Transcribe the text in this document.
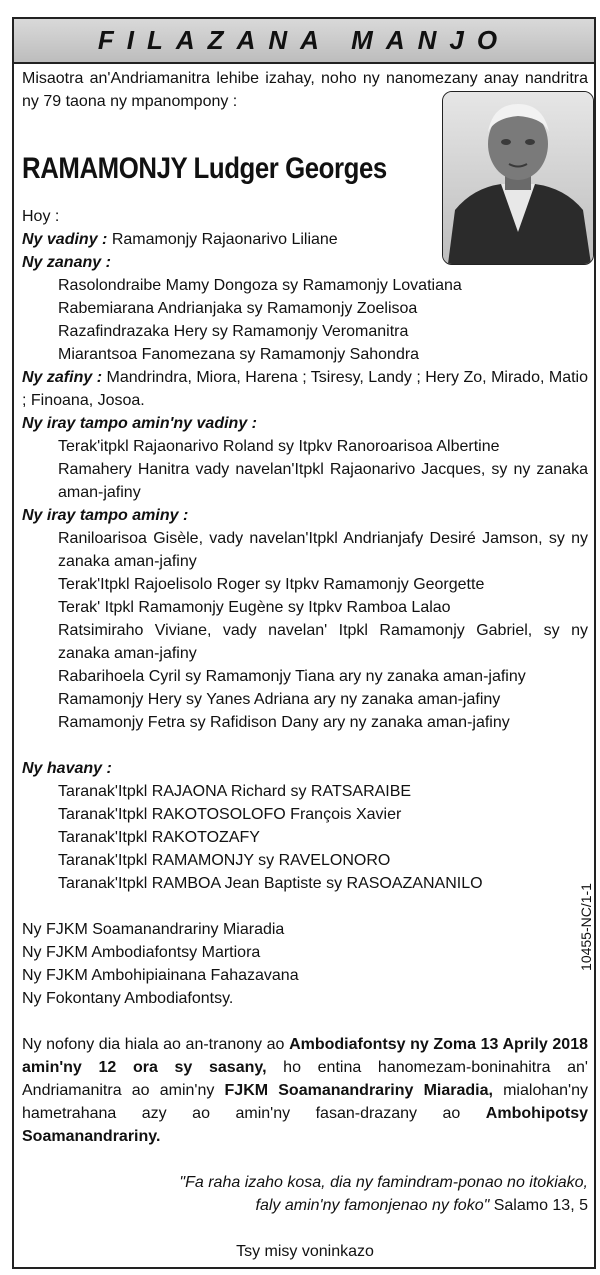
FILAZANA MANJO

Misaotra an'Andriamanitra lehibe izahay, noho ny nanomezany anay nandritra ny 79 taona ny mpanompony :

RAMAMONJY Ludger Georges

Hoy :

Ny vadiny : Ramamonjy Rajaonarivo Liliane

Ny zanany :

Rasolondraibe Mamy Dongoza sy Ramamonjy Lovatiana

Rabemiarana Andrianjaka sy Ramamonjy Zoelisoa

Razafindrazaka Hery sy Ramamonjy Veromanitra

Miarantsoa Fanomezana sy Ramamonjy Sahondra

Ny zafiny : Mandrindra, Miora, Harena ; Tsiresy, Landy ; Hery Zo, Mirado, Matio ; Finoana, Josoa.

Ny iray tampo amin'ny vadiny :

Terak'itpkl Rajaonarivo Roland sy Itpkv Ranoroarisoa Albertine

Ramahery Hanitra vady navelan'Itpkl Rajaonarivo Jacques, sy ny zanaka aman-jafiny

Ny iray tampo aminy :

Raniloarisoa Gisèle, vady navelan'Itpkl Andrianjafy Desiré Jamson, sy ny zanaka aman-jafiny

Terak'Itpkl Rajoelisolo Roger sy Itpkv Ramamonjy Georgette

Terak' Itpkl Ramamonjy Eugène sy Itpkv Ramboa Lalao

Ratsimiraho Viviane, vady navelan' Itpkl Ramamonjy Gabriel, sy ny zanaka aman-jafiny

Rabarihoela Cyril sy Ramamonjy Tiana ary ny zanaka aman-jafiny

Ramamonjy Hery sy Yanes Adriana ary ny zanaka aman-jafiny

Ramamonjy Fetra sy Rafidison Dany ary ny zanaka aman-jafiny

Ny havany :

Taranak'Itpkl RAJAONA Richard sy RATSARAIBE

Taranak'Itpkl RAKOTOSOLOFO François Xavier

Taranak'Itpkl RAKOTOZAFY

Taranak'Itpkl RAMAMONJY sy RAVELONORO

Taranak'Itpkl RAMBOA Jean Baptiste sy RASOAZANANILO

Ny FJKM Soamanandrariny Miaradia

Ny FJKM Ambodiafontsy Martiora

Ny FJKM Ambohipiainana Fahazavana

Ny Fokontany Ambodiafontsy.

Ny nofony dia hiala ao an-tranony ao Ambodiafontsy ny Zoma 13 Aprily 2018 amin'ny 12 ora sy sasany, ho entina hanomezam-boninahitra an' Andriamanitra ao amin'ny FJKM Soamanandrariny Miaradia, mialohan'ny hametrahana azy ao amin'ny fasan-drazany ao Ambohipotsy Soamanandrariny.

"Fa raha izaho kosa, dia ny famindram-ponao no itokiako,

faly amin'ny famonjenao ny foko" Salamo 13, 5

Tsy misy voninkazo

10455-NC/1-1
